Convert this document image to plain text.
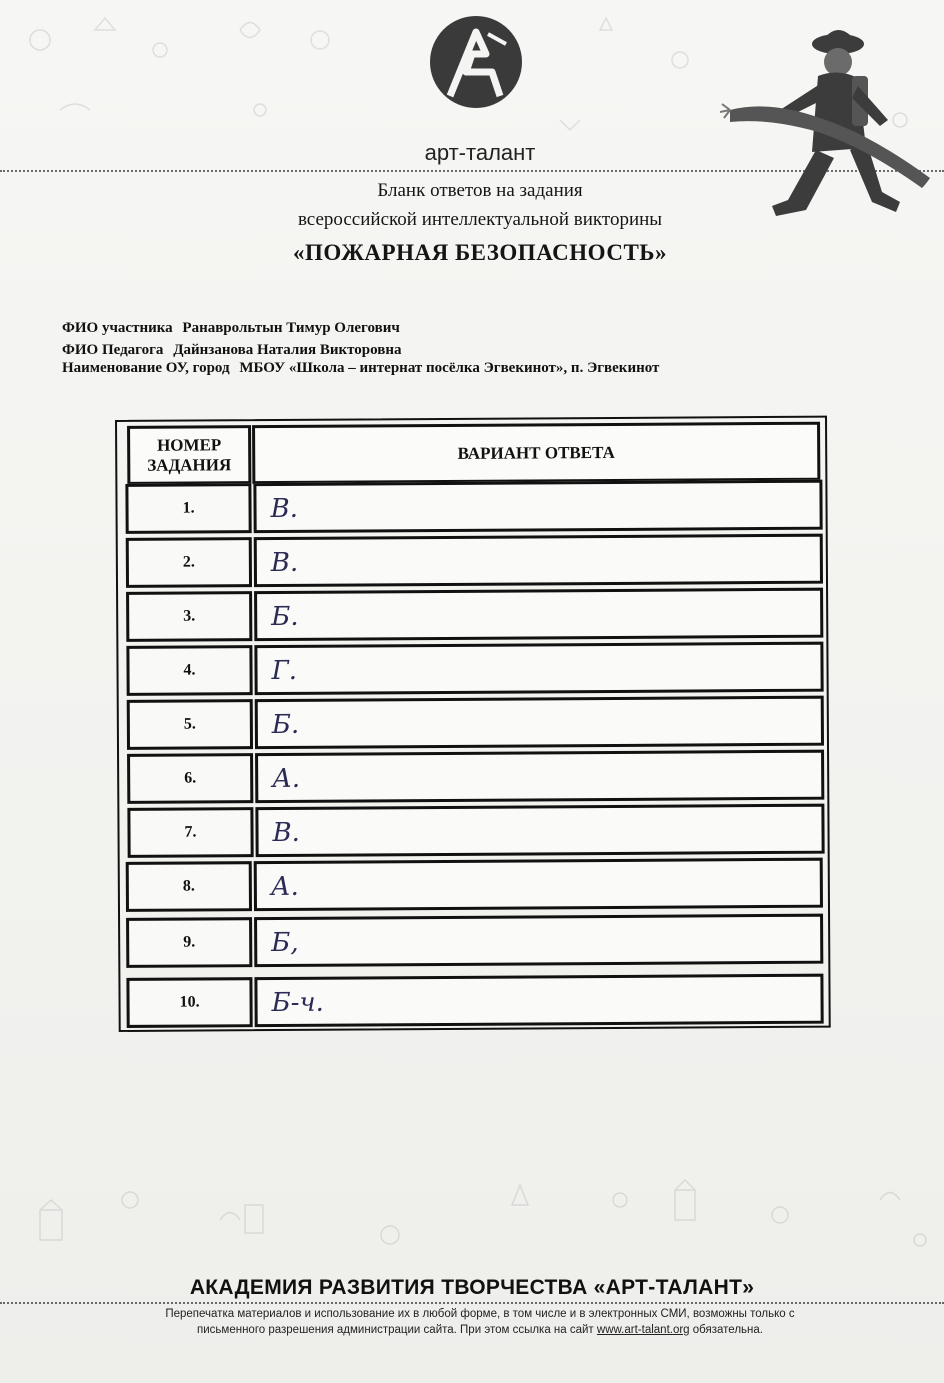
арт-талант
Бланк ответов на задания
всероссийской интеллектуальной викторины
«ПОЖАРНАЯ БЕЗОПАСНОСТЬ»
ФИО участника Ранаврольтын Тимур Олегович
ФИО Педагога Дайнзанова Наталия Викторовна
Наименование ОУ, город МБОУ «Школа – интернат посёлка Эгвекинот», п. Эгвекинот
НОМЕР ЗАДАНИЯ
ВАРИАНТ ОТВЕТА
1.	В.
2.	В.
3.	Б.
4.	Г.
5.	Б.
6.	А.
7.	В.
8.	А.
9.	Б,
10.	Б-ч.
АКАДЕМИЯ РАЗВИТИЯ ТВОРЧЕСТВА «АРТ-ТАЛАНТ»
Перепечатка материалов и использование их в любой форме, в том числе и в электронных СМИ, возможны только с
письменного разрешения администрации сайта. При этом ссылка на сайт www.art-talant.org обязательна.
